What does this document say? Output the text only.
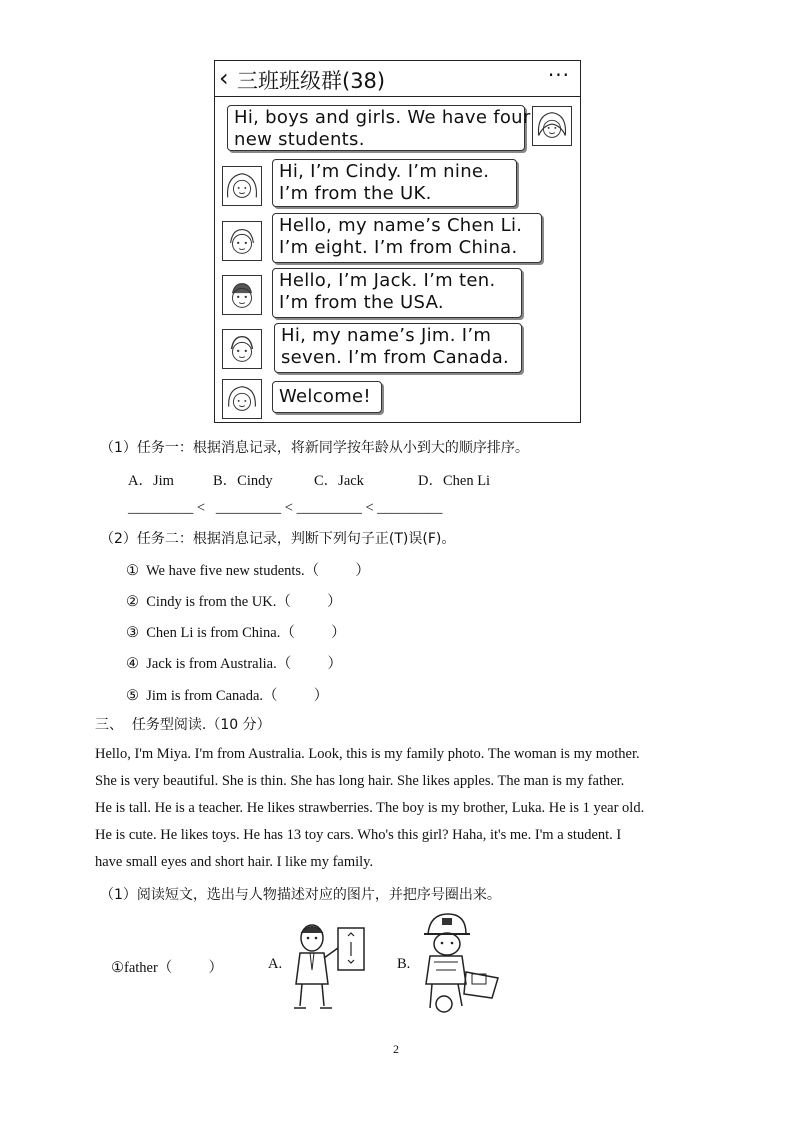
‹ 三班班级群(38)	···
Hi, boys and girls. We have four
new students.
Hi, I’m Cindy. I’m nine.
I’m from the UK.
Hello, my name’s Chen Li.
I’m eight. I’m from China.
Hello, I’m Jack. I’m ten.
I’m from the USA.
Hi, my name’s Jim. I’m
seven. I’m from Canada.
Welcome!
（1）任务一：根据消息记录，将新同学按年龄从小到大的顺序排序。
A．Jim	B．Cindy	C．Jack	D．Chen Li
_________ <   _________ < _________ < _________
（2）任务二：根据消息记录，判断下列句子正(T)误(F)。
①  We have five new students.（          ）
②  Cindy is from the UK.（          ）
③  Chen Li is from China.（          ）
④  Jack is from Australia.（          ）
⑤  Jim is from Canada.（          ）
三、  任务型阅读.（10 分）
Hello, I'm Miya. I'm from Australia. Look, this is my family photo. The woman is my mother.
She is very beautiful. She is thin. She has long hair. She likes apples. The man is my father.
He is tall. He is a teacher. He likes strawberries. The boy is my brother, Luka. He is 1 year old.
He is cute. He likes toys. He has 13 toy cars. Who's this girl? Haha, it's me. I'm a student. I
have small eyes and short hair. I like my family.
（1）阅读短文，选出与人物描述对应的图片，并把序号圈出来。
①father（          ）	A.	B.
2
